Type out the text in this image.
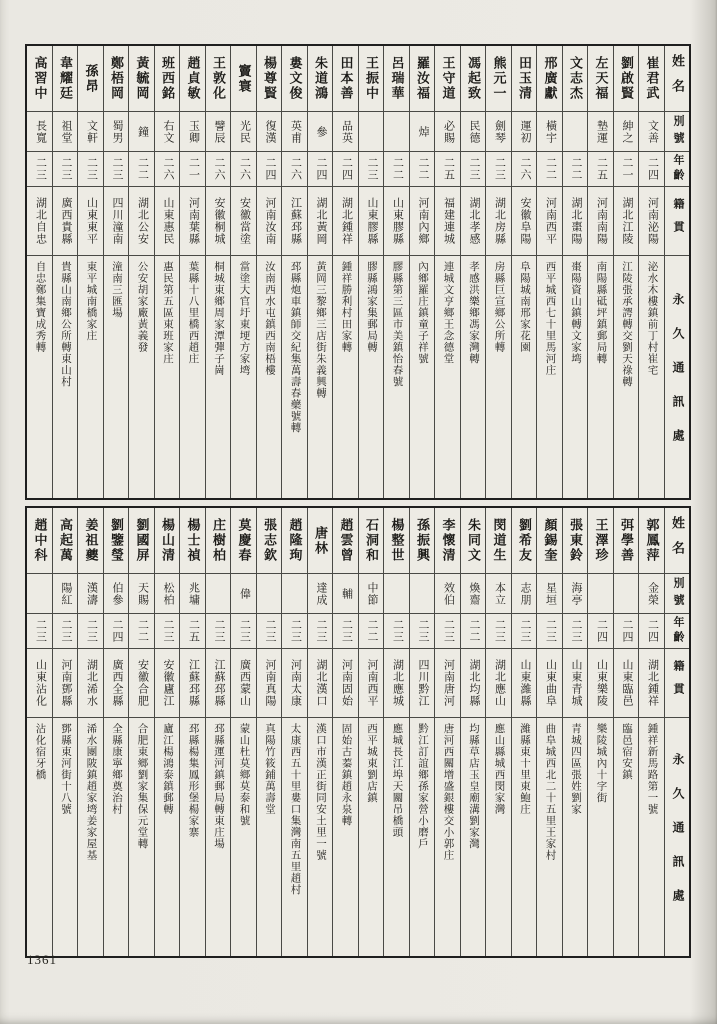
姓名
別號
年齡
籍貫
永久通訊處
崔君武
文善
二四
河南泌陽
泌水木樓鎮前丁村崔宅
劉啟賢
紳之
二一
湖北江陵
江陵張承諤轉交劉天祿轉
左天福
墊運
二五
河南南陽
南陽縣砥坪鎮郵局轉
文志杰
二二
湖北棗陽
棗陽資山鎮轉文家塆
邢廣獻
橫宇
二二
河南西平
西平城西七十里馬河庄
田玉清
運初
二六
安徽阜陽
阜陽城南邢家花園
熊元一
劍琴
二三
湖北房縣
房縣巨宣鄉公所轉
馮起致
民德
二三
湖北孝感
孝感洪樂鄉馮家灣轉
王守道
必賜
二五
福建連城
連城文亨鄉王念德堂
羅汝福
焯
二二
河南內鄉
內鄉羅庄鎮童子祥號
呂瑞華
二二
山東膠縣
膠縣第三區市美鎮怡春號
王振中
二三
山東膠縣
膠縣鴻家集郵局轉
田本善
品英
二四
湖北鍾祥
鍾祥勝利村田家轉
朱道鴻
參
二四
湖北黃岡
黃岡三黎鄉三店街朱義興轉
婁文俊
英甫
二六
江蘇邳縣
邳縣炮車鎮師交紀集萬壽春藥號轉
楊尊賢
復漢
二四
河南汝南
汝南西水屯鎮西南梧樓
竇寰
光民
二六
安徽當塗
當塗大官圩東埂方家塆
王敦化
譬辰
二六
安徽桐城
桐城東鄉周家潭彈子崗
趙貞敏
玉卿
二一
河南葉縣
葉縣十八里橋西趙庄
班西銘
右文
二六
山東惠民
惠民第五區東班家庄
黃毓岡
鐘
二二
湖北公安
公安胡家廠黃義發
鄭梧岡
蜀男
二三
四川潼南
潼南三匯場
孫昂
文軒
二三
山東東平
東平城南橋家庄
韋耀廷
祖堂
二三
廣西貴縣
貴縣山南鄉公所轉東山村
高習中
長寬
二三
湖北自忠
自忠鄭集寶成秀轉
姓名
別號
年齡
籍貫
永久通訊處
郭鳳萍
金榮
二四
湖北鍾祥
鍾祥新馬路第一號
弭學善
二四
山東臨邑
臨邑宿安鎮
王澤珍
二四
山東樂陵
樂陵城內十字街
張東鈴
海亭
二三
山東青城
青城四區張姓劉家
顏錫奎
星垣
二三
山東曲阜
曲阜城西北二十五里王家村
劉希友
志朋
二三
山東濰縣
濰縣東十里東鮑庄
閔道生
本立
二三
湖北應山
應山縣城西閔家灣
朱同文
煥齋
二二
湖北均縣
均縣草店玉皇廟溝劉家灣
李懷清
效伯
二三
河南唐河
唐河西關增盛銀樓交小郭庄
孫振興
二三
四川黔江
黔江訂誼鄉孫家營小磨戶
楊整世
二三
湖北應城
應城長江埠天關吊橋頭
石洞和
中節
二二
河南西平
西平城東劉店鎮
趙雲曾
輔
二三
河南固始
固始古蓁鎮趙永泉轉
唐林
達成
二三
湖北漢口
漢口市漢正街同安土里一號
趙隆珣
二三
河南太康
太康西五十里婁口集灣南五里趙村
張志欽
二三
河南真陽
真陽竹筱鋪萬壽堂
莫慶春
偉
二三
廣西蒙山
蒙山杜莫鄉莫泰和號
庄樹柏
二三
江蘇邳縣
邳縣運河鎮郵局轉東庄場
楊士禎
兆墉
二五
江蘇邳縣
邳縣楊集鳳形堡楊家寨
楊山清
松柏
二三
安徽廬江
廬江楊鴻泰鎮郵轉
劉國屏
天賜
二二
安徽合肥
合肥東鄉劉家集保元堂轉
劉鑒瑩
伯參
二四
廣西全縣
全縣康寧鄉奠治村
姜祖夔
漢濤
二三
湖北浠水
浠水團陂鎮趙家塆姜家屋基
高起萬
陽紅
二三
河南鄧縣
鄧縣東河街十八號
趙中科
二三
山東沾化
沾化宿牙橋
1361
